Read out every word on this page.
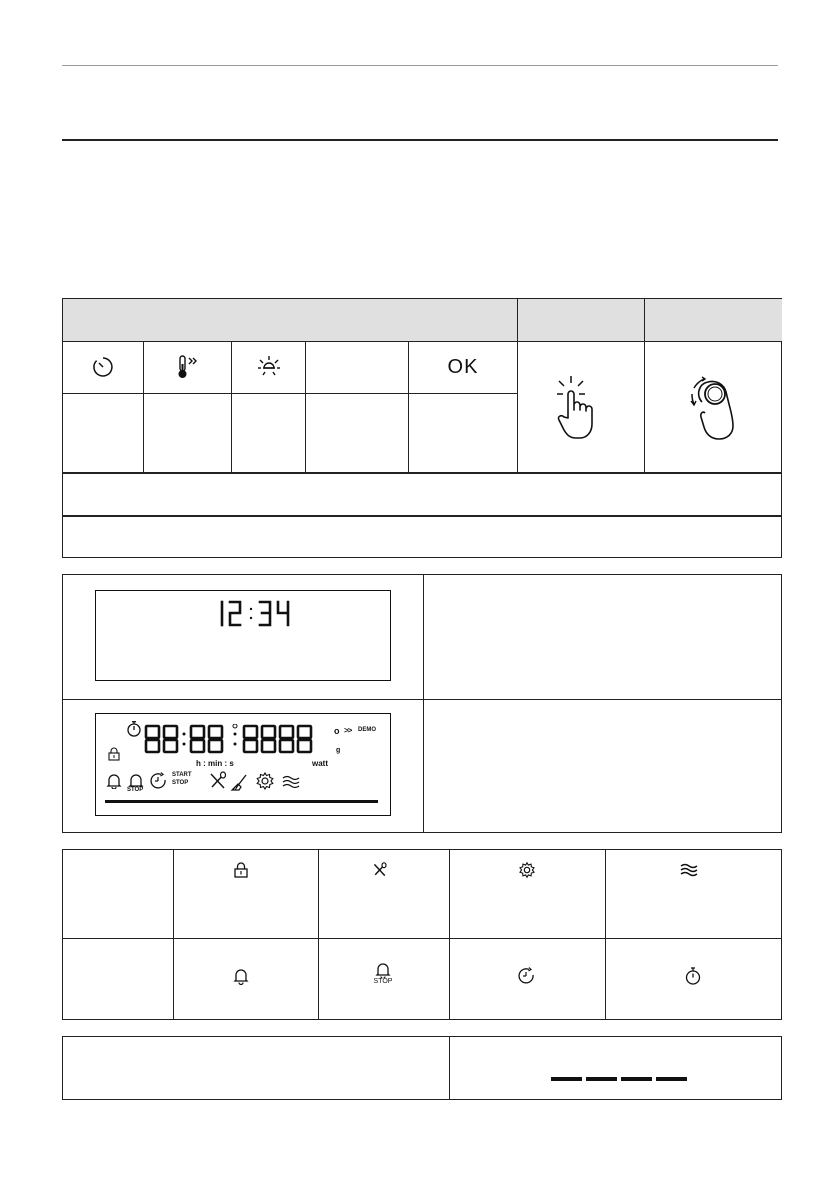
OK
o >> DEMO
g
h : min : s	watt
STOP
START
STOP
STOP
